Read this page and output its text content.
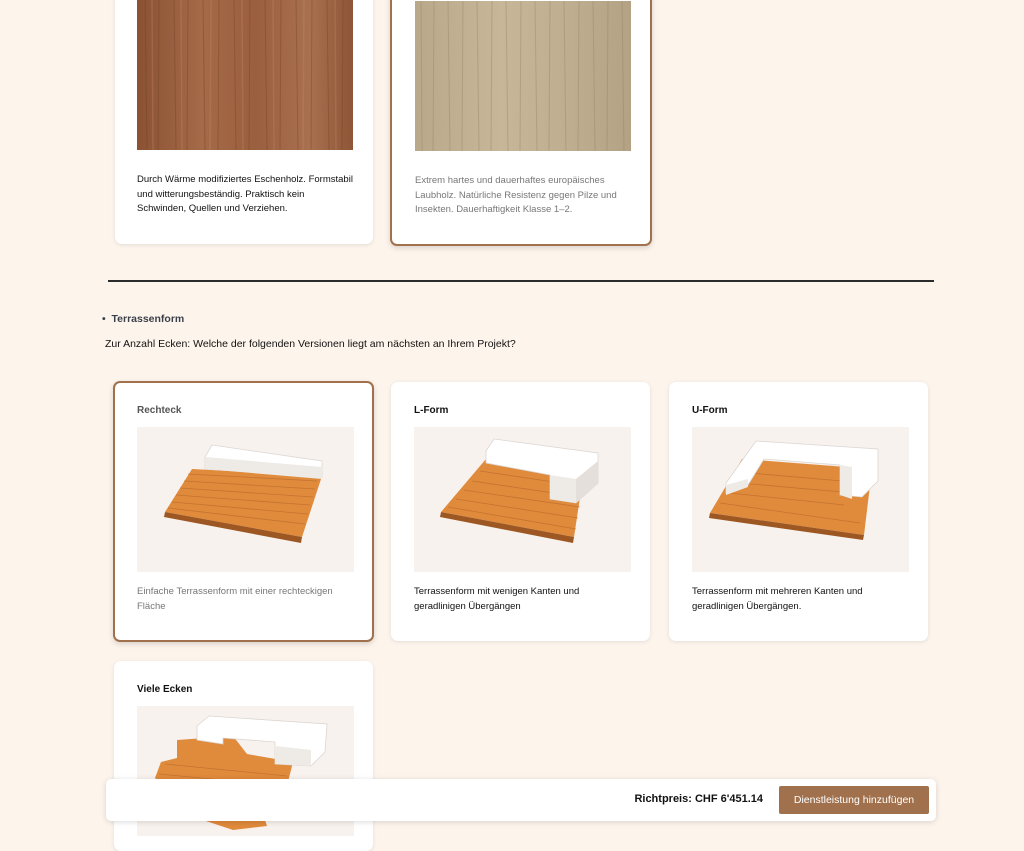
Durch Wärme modifiziertes Eschenholz. Formstabil und witterungsbeständig. Praktisch kein Schwinden, Quellen und Verziehen.
Extrem hartes und dauerhaftes europäisches Laubholz. Natürliche Resistenz gegen Pilze und Insekten. Dauerhaftigkeit Klasse 1–2.
•  Terrassenform
Zur Anzahl Ecken: Welche der folgenden Versionen liegt am nächsten an Ihrem Projekt?
Rechteck
Einfache Terrassenform mit einer rechteckigen Fläche
L-Form
Terrassenform mit wenigen Kanten und geradlinigen Übergängen
U-Form
Terrassenform mit mehreren Kanten und geradlinigen Übergängen.
Viele Ecken
Richtpreis: CHF 6'451.14	Dienstleistung hinzufügen
